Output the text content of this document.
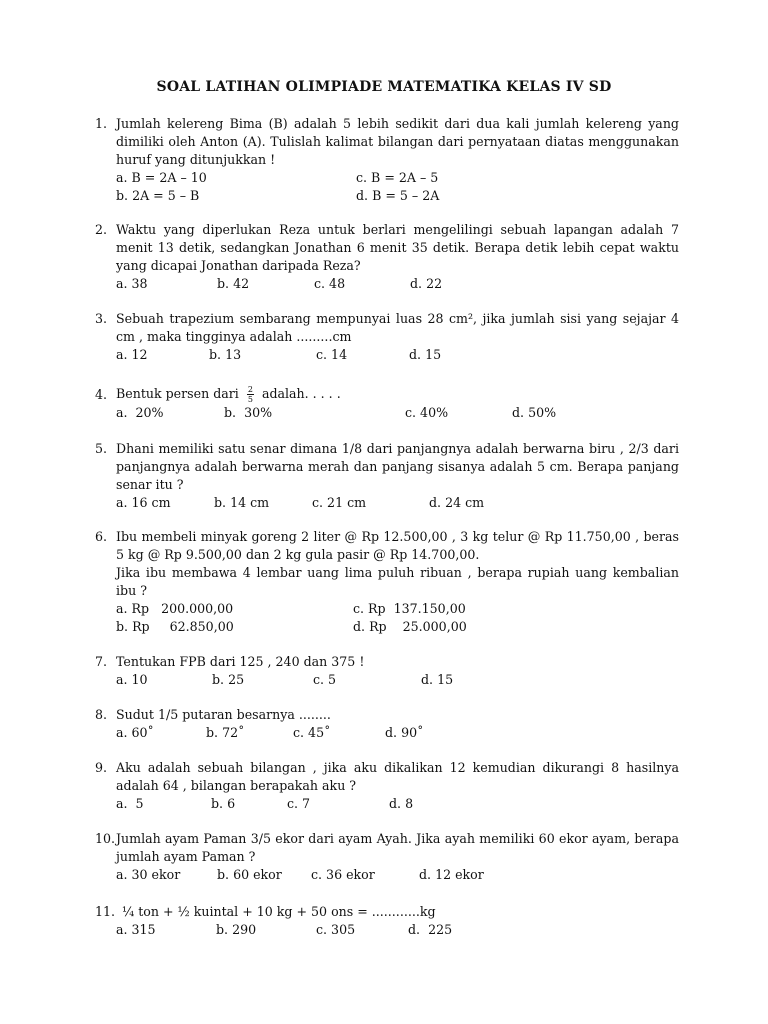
SOAL LATIHAN OLIMPIADE MATEMATIKA KELAS IV SD
1. Jumlah kelereng Bima (B) adalah 5 lebih sedikit dari dua kali jumlah kelereng yang dimiliki oleh Anton (A). Tulislah kalimat bilangan dari pernyataan diatas menggunakan huruf yang ditunjukkan !
a. B = 2A – 10	c. B = 2A – 5
b. 2A = 5 – B	d. B = 5 – 2A
2. Waktu yang diperlukan Reza untuk berlari mengelilingi sebuah lapangan adalah 7 menit 13 detik, sedangkan Jonathan 6 menit 35 detik. Berapa detik lebih cepat waktu yang dicapai Jonathan daripada Reza?
a. 38	b. 42	c. 48	d. 22
3. Sebuah trapezium sembarang mempunyai luas 28 cm², jika jumlah sisi yang sejajar 4 cm , maka tingginya adalah .........cm
a. 12	b. 13	c. 14	d. 15
4. Bentuk persen dari $\frac{2}{5}$ adalah. . . . .
a.  20%	b.  30%	c. 40%	d. 50%
5. Dhani memiliki satu senar dimana 1/8 dari panjangnya adalah berwarna biru , 2/3 dari panjangnya adalah berwarna merah dan panjang sisanya adalah 5 cm. Berapa panjang senar itu ?
a. 16 cm	b. 14 cm	c. 21 cm	d. 24 cm
6. Ibu membeli minyak goreng 2 liter @ Rp 12.500,00 , 3 kg telur @ Rp 11.750,00 , beras 5 kg @ Rp 9.500,00 dan 2 kg gula pasir @ Rp 14.700,00.
Jika ibu membawa 4 lembar uang lima puluh ribuan , berapa rupiah uang kembalian ibu ?
a. Rp   200.000,00	c. Rp  137.150,00
b. Rp     62.850,00	d. Rp    25.000,00
7. Tentukan FPB dari 125 , 240 dan 375 !
a. 10	b. 25	c. 5	d. 15
8. Sudut 1/5 putaran besarnya ........
a. 60˚	b. 72˚	c. 45˚	d. 90˚
9. Aku adalah sebuah bilangan , jika aku dikalikan 12 kemudian dikurangi 8 hasilnya adalah 64 , bilangan berapakah aku ?
a.  5	b. 6	c. 7	d. 8
10. Jumlah ayam Paman 3/5 ekor dari ayam Ayah. Jika ayah memiliki 60 ekor ayam, berapa jumlah ayam Paman ?
a. 30 ekor	b. 60 ekor c. 36 ekor	d. 12 ekor
11. ¼ ton + ½ kuintal + 10 kg + 50 ons = ............kg
a. 315	b. 290	c. 305	d.  225
